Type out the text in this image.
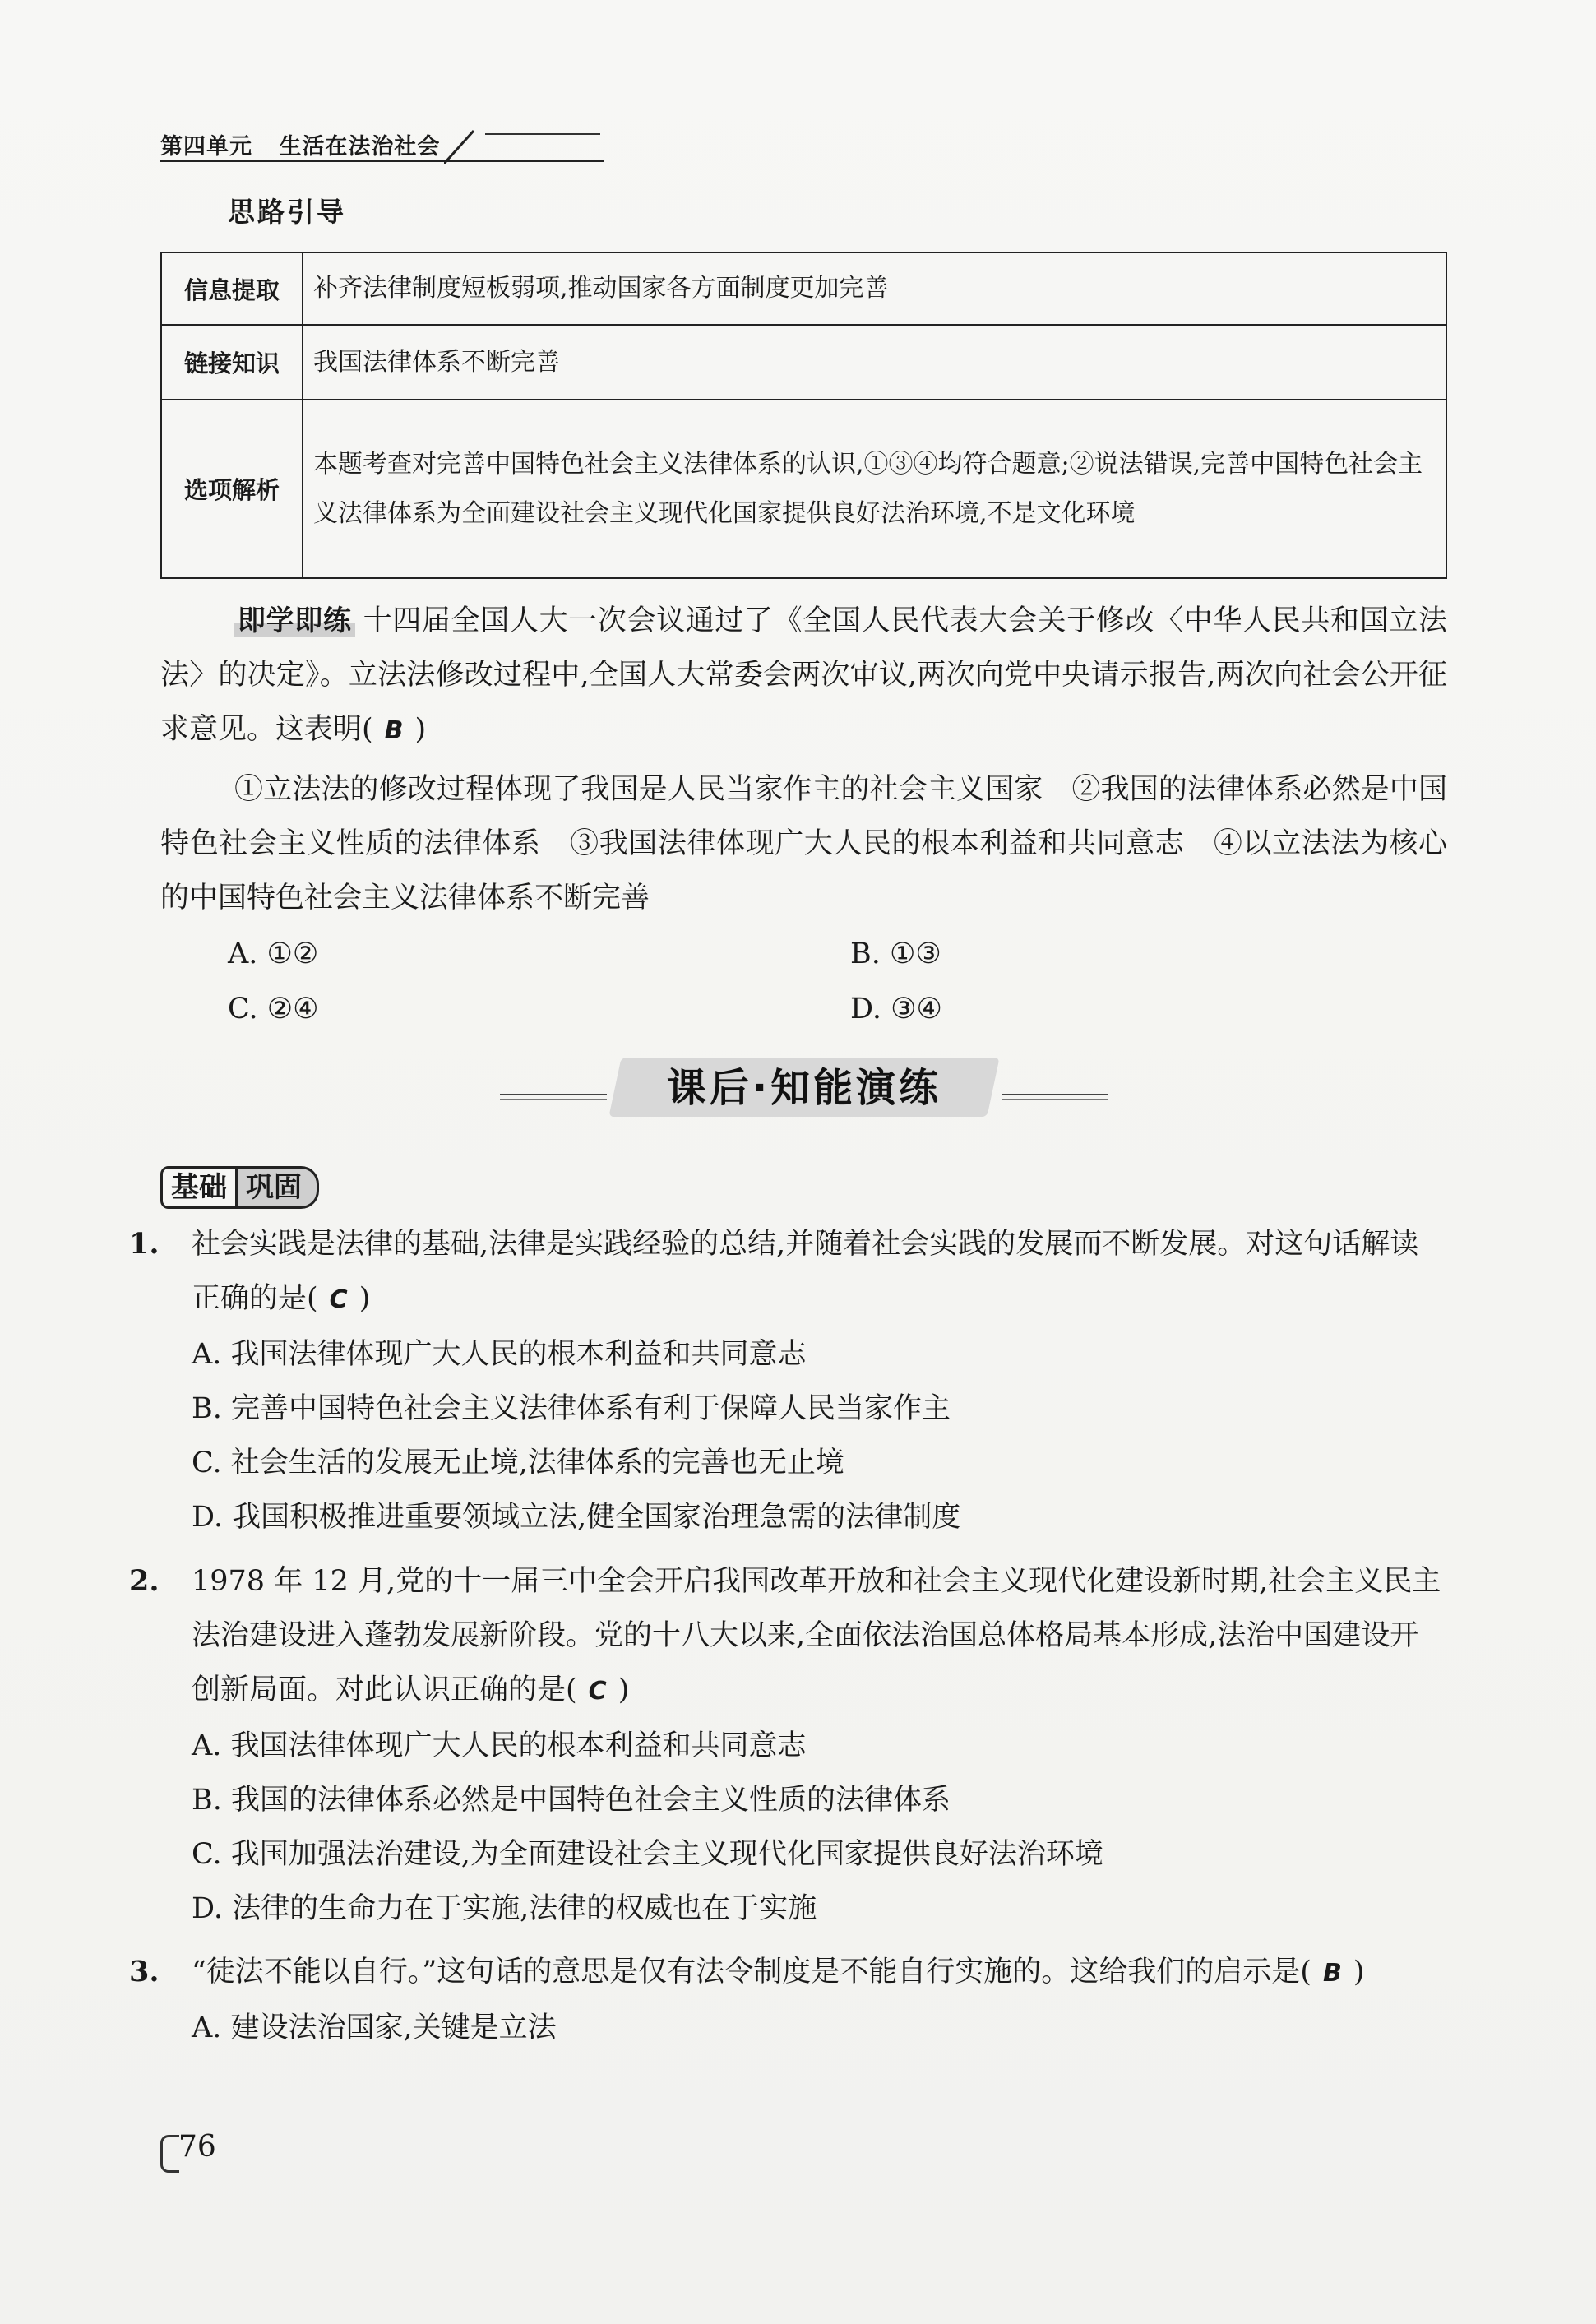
第四单元 生活在法治社会
思路引导
信息提取	补齐法律制度短板弱项,推动国家各方面制度更加完善
链接知识	我国法律体系不断完善
选项解析	本题考查对完善中国特色社会主义法律体系的认识,①③④均符合题意;②说法错误,完善中国特色社会主义法律体系为全面建设社会主义现代化国家提供良好法治环境,不是文化环境
即学即练 十四届全国人大一次会议通过了《全国人民代表大会关于修改〈中华人民共和国立法法〉的决定》。立法法修改过程中,全国人大常委会两次审议,两次向党中央请示报告,两次向社会公开征求意见。这表明( B )
①立法法的修改过程体现了我国是人民当家作主的社会主义国家　②我国的法律体系必然是中国特色社会主义性质的法律体系　③我国法律体现广大人民的根本利益和共同意志　④以立法法为核心的中国特色社会主义法律体系不断完善
A. ①②	B. ①③
C. ②④	D. ③④
课后·知能演练
基础 巩固
1. 社会实践是法律的基础,法律是实践经验的总结,并随着社会实践的发展而不断发展。对这句话解读正确的是( C )
A. 我国法律体现广大人民的根本利益和共同意志
B. 完善中国特色社会主义法律体系有利于保障人民当家作主
C. 社会生活的发展无止境,法律体系的完善也无止境
D. 我国积极推进重要领域立法,健全国家治理急需的法律制度
2. 1978 年 12 月,党的十一届三中全会开启我国改革开放和社会主义现代化建设新时期,社会主义民主法治建设进入蓬勃发展新阶段。党的十八大以来,全面依法治国总体格局基本形成,法治中国建设开创新局面。对此认识正确的是( C )
A. 我国法律体现广大人民的根本利益和共同意志
B. 我国的法律体系必然是中国特色社会主义性质的法律体系
C. 我国加强法治建设,为全面建设社会主义现代化国家提供良好法治环境
D. 法律的生命力在于实施,法律的权威也在于实施
3. “徒法不能以自行。”这句话的意思是仅有法令制度是不能自行实施的。这给我们的启示是( B )
A. 建设法治国家,关键是立法
76
